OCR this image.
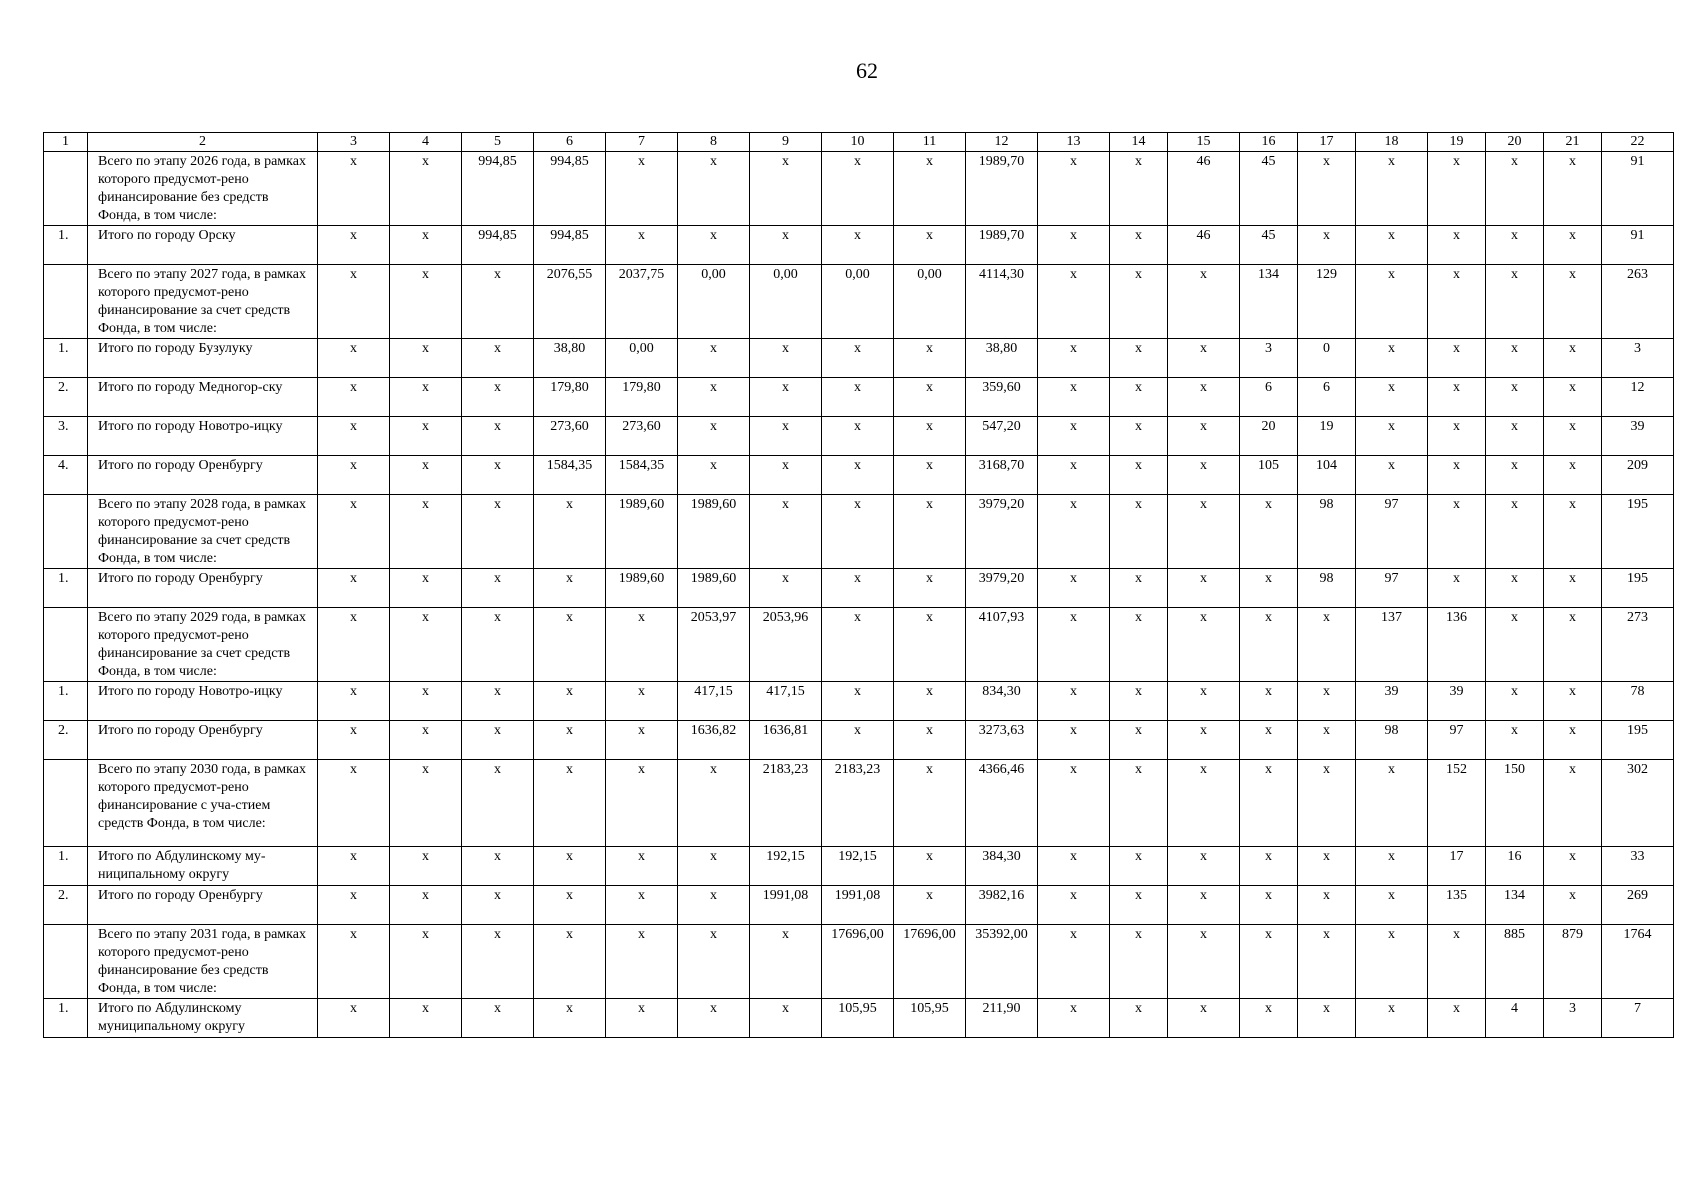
62
1	2	3	4	5	6	7	8	9	10	11	12	13	14	15	16	17	18	19	20	21	22
	Всего по этапу 2026 года, в рамках которого предусмот-рено финансирование без средств Фонда, в том числе:	x	x	994,85	994,85	x	x	x	x	x	1989,70	x	x	46	45	x	x	x	x	x	91
1.	Итого по городу Орску	x	x	994,85	994,85	x	x	x	x	x	1989,70	x	x	46	45	x	x	x	x	x	91
	Всего по этапу 2027 года, в рамках которого предусмот-рено финансирование за счет средств Фонда, в том числе:	x	x	x	2076,55	2037,75	0,00	0,00	0,00	0,00	4114,30	x	x	x	134	129	x	x	x	x	263
1.	Итого по городу Бузулуку	x	x	x	38,80	0,00	x	x	x	x	38,80	x	x	x	3	0	x	x	x	x	3
2.	Итого по городу Медногор-ску	x	x	x	179,80	179,80	x	x	x	x	359,60	x	x	x	6	6	x	x	x	x	12
3.	Итого по городу Новотро-ицку	x	x	x	273,60	273,60	x	x	x	x	547,20	x	x	x	20	19	x	x	x	x	39
4.	Итого по городу Оренбургу	x	x	x	1584,35	1584,35	x	x	x	x	3168,70	x	x	x	105	104	x	x	x	x	209
	Всего по этапу 2028 года, в рамках которого предусмот-рено финансирование за счет средств Фонда, в том числе:	x	x	x	x	1989,60	1989,60	x	x	x	3979,20	x	x	x	x	98	97	x	x	x	195
1.	Итого по городу Оренбургу	x	x	x	x	1989,60	1989,60	x	x	x	3979,20	x	x	x	x	98	97	x	x	x	195
	Всего по этапу 2029 года, в рамках которого предусмот-рено финансирование за счет средств Фонда, в том числе:	x	x	x	x	x	2053,97	2053,96	x	x	4107,93	x	x	x	x	x	137	136	x	x	273
1.	Итого по городу Новотро-ицку	x	x	x	x	x	417,15	417,15	x	x	834,30	x	x	x	x	x	39	39	x	x	78
2.	Итого по городу Оренбургу	x	x	x	x	x	1636,82	1636,81	x	x	3273,63	x	x	x	x	x	98	97	x	x	195
	Всего по этапу 2030 года, в рамках которого предусмот-рено финансирование с уча-стием средств Фонда, в том числе:	x	x	x	x	x	x	2183,23	2183,23	x	4366,46	x	x	x	x	x	x	152	150	x	302
1.	Итого по Абдулинскому му-ниципальному округу	x	x	x	x	x	x	192,15	192,15	x	384,30	x	x	x	x	x	x	17	16	x	33
2.	Итого по городу Оренбургу	x	x	x	x	x	x	1991,08	1991,08	x	3982,16	x	x	x	x	x	x	135	134	x	269
	Всего по этапу 2031 года, в рамках которого предусмот-рено финансирование без средств Фонда, в том числе:	x	x	x	x	x	x	x	17696,00	17696,00	35392,00	x	x	x	x	x	x	x	885	879	1764
1.	Итого по Абдулинскому муниципальному округу	x	x	x	x	x	x	x	105,95	105,95	211,90	x	x	x	x	x	x	x	4	3	7
